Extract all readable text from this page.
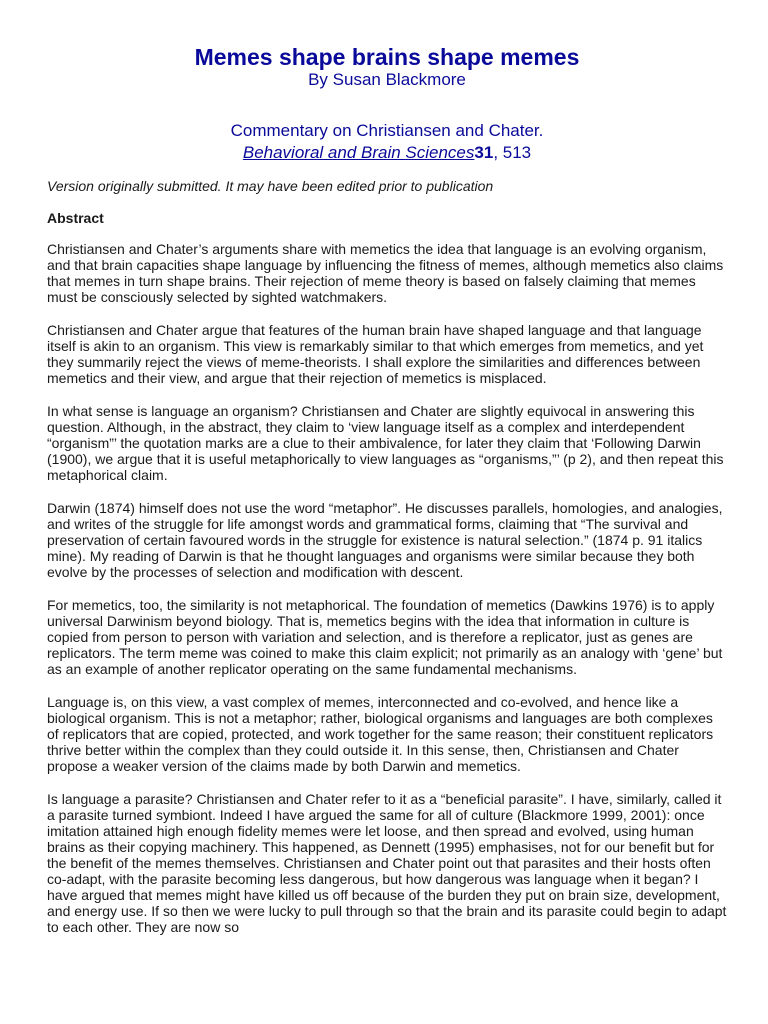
Memes shape brains shape memes

By Susan Blackmore

Commentary on Christiansen and Chater.

Behavioral and Brain Sciences31, 513

Version originally submitted. It may have been edited prior to publication

Abstract

Christiansen and Chater’s arguments share with memetics the idea that language is an evolving organism, and that brain capacities shape language by influencing the fitness of memes, although memetics also claims that memes in turn shape brains. Their rejection of meme theory is based on falsely claiming that memes must be consciously selected by sighted watchmakers.

Christiansen and Chater argue that features of the human brain have shaped language and that language itself is akin to an organism. This view is remarkably similar to that which emerges from memetics, and yet they summarily reject the views of meme-theorists. I shall explore the similarities and differences between memetics and their view, and argue that their rejection of memetics is misplaced.

In what sense is language an organism? Christiansen and Chater are slightly equivocal in answering this question. Although, in the abstract, they claim to ‘view language itself as a complex and interdependent “organism”’ the quotation marks are a clue to their ambivalence, for later they claim that ‘Following Darwin (1900), we argue that it is useful metaphorically to view languages as “organisms,”’ (p 2), and then repeat this metaphorical claim.

Darwin (1874) himself does not use the word “metaphor”. He discusses parallels, homologies, and analogies, and writes of the struggle for life amongst words and grammatical forms, claiming that “The survival and preservation of certain favoured words in the struggle for existence is natural selection.” (1874 p. 91 italics mine). My reading of Darwin is that he thought languages and organisms were similar because they both evolve by the processes of selection and modification with descent.

For memetics, too, the similarity is not metaphorical. The foundation of memetics (Dawkins 1976) is to apply universal Darwinism beyond biology. That is, memetics begins with the idea that information in culture is copied from person to person with variation and selection, and is therefore a replicator, just as genes are replicators. The term meme was coined to make this claim explicit; not primarily as an analogy with ‘gene’ but as an example of another replicator operating on the same fundamental mechanisms.

Language is, on this view, a vast complex of memes, interconnected and co-evolved, and hence like a biological organism. This is not a metaphor; rather, biological organisms and languages are both complexes of replicators that are copied, protected, and work together for the same reason; their constituent replicators thrive better within the complex than they could outside it. In this sense, then, Christiansen and Chater propose a weaker version of the claims made by both Darwin and memetics.

Is language a parasite? Christiansen and Chater refer to it as a “beneficial parasite”. I have, similarly, called it a parasite turned symbiont. Indeed I have argued the same for all of culture (Blackmore 1999, 2001): once imitation attained high enough fidelity memes were let loose, and then spread and evolved, using human brains as their copying machinery. This happened, as Dennett (1995) emphasises, not for our benefit but for the benefit of the memes themselves. Christiansen and Chater point out that parasites and their hosts often co-adapt, with the parasite becoming less dangerous, but how dangerous was language when it began? I have argued that memes might have killed us off because of the burden they put on brain size, development, and energy use. If so then we were lucky to pull through so that the brain and its parasite could begin to adapt to each other. They are now so
